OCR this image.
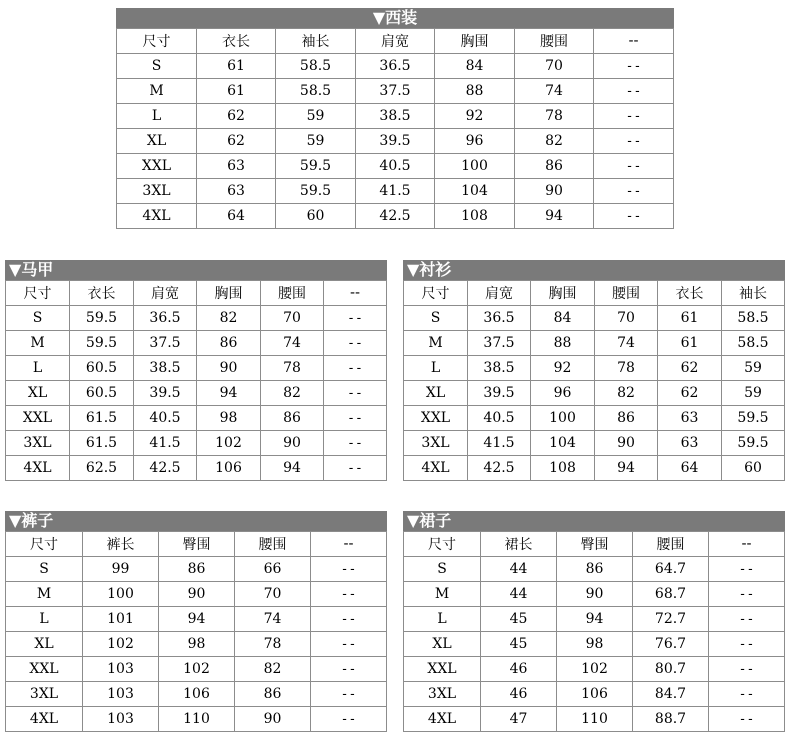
▼西装
尺寸	衣长	袖长	肩宽	胸围	腰围	--
S	61	58.5	36.5	84	70	--
M	61	58.5	37.5	88	74	--
L	62	59	38.5	92	78	--
XL	62	59	39.5	96	82	--
XXL	63	59.5	40.5	100	86	--
3XL	63	59.5	41.5	104	90	--
4XL	64	60	42.5	108	94	--
▼马甲
尺寸	衣长	肩宽	胸围	腰围	--
S	59.5	36.5	82	70	--
M	59.5	37.5	86	74	--
L	60.5	38.5	90	78	--
XL	60.5	39.5	94	82	--
XXL	61.5	40.5	98	86	--
3XL	61.5	41.5	102	90	--
4XL	62.5	42.5	106	94	--
▼衬衫
尺寸	肩宽	胸围	腰围	衣长	袖长
S	36.5	84	70	61	58.5
M	37.5	88	74	61	58.5
L	38.5	92	78	62	59
XL	39.5	96	82	62	59
XXL	40.5	100	86	63	59.5
3XL	41.5	104	90	63	59.5
4XL	42.5	108	94	64	60
▼裤子
尺寸	裤长	臀围	腰围	--
S	99	86	66	--
M	100	90	70	--
L	101	94	74	--
XL	102	98	78	--
XXL	103	102	82	--
3XL	103	106	86	--
4XL	103	110	90	--
▼裙子
尺寸	裙长	臀围	腰围	--
S	44	86	64.7	--
M	44	90	68.7	--
L	45	94	72.7	--
XL	45	98	76.7	--
XXL	46	102	80.7	--
3XL	46	106	84.7	--
4XL	47	110	88.7	--
